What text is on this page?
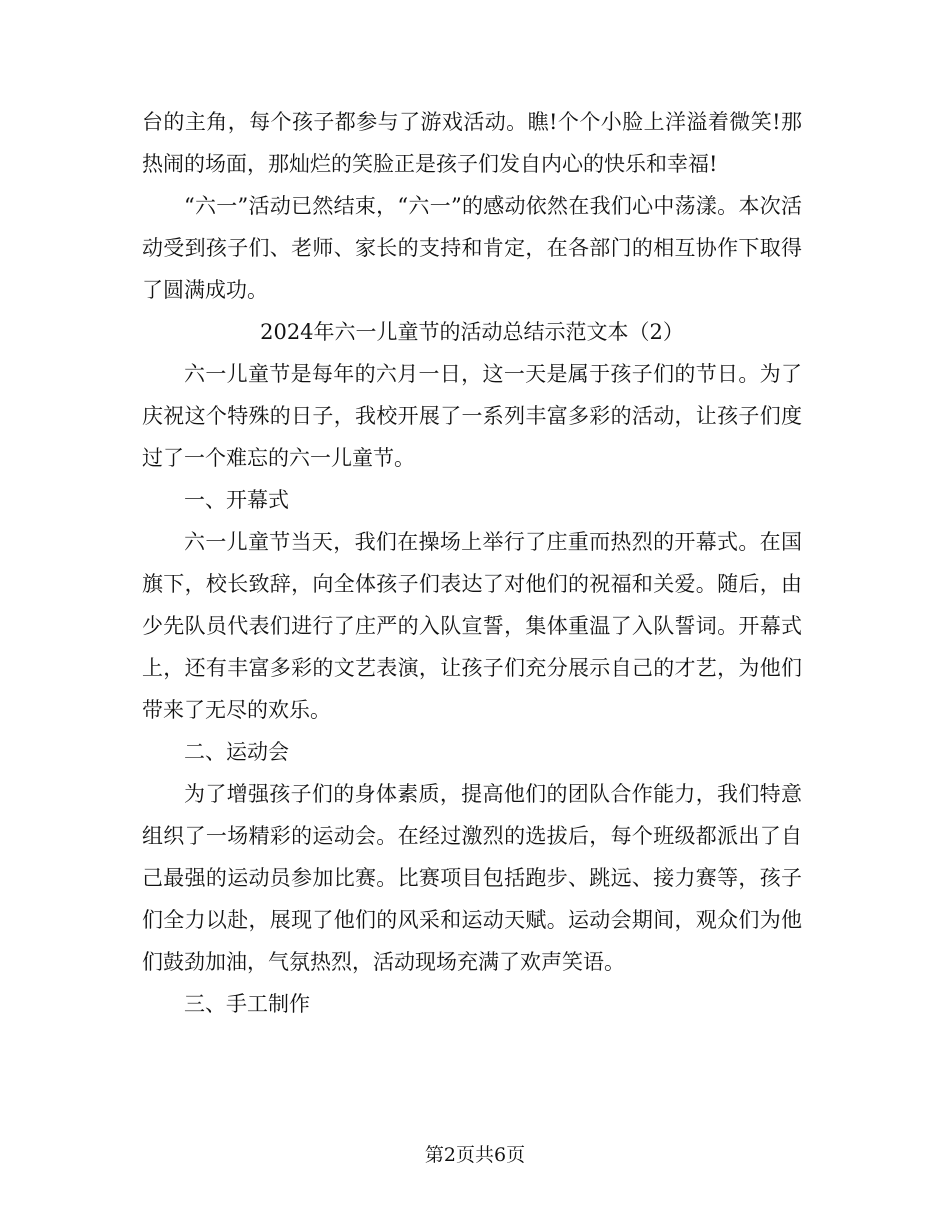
台的主角，每个孩子都参与了游戏活动。瞧!个个小脸上洋溢着微笑!那热闹的场面，那灿烂的笑脸正是孩子们发自内心的快乐和幸福!

“六一”活动已然结束，“六一”的感动依然在我们心中荡漾。本次活动受到孩子们、老师、家长的支持和肯定，在各部门的相互协作下取得了圆满成功。

2024年六一儿童节的活动总结示范文本（2）

六一儿童节是每年的六月一日，这一天是属于孩子们的节日。为了庆祝这个特殊的日子，我校开展了一系列丰富多彩的活动，让孩子们度过了一个难忘的六一儿童节。

一、开幕式

六一儿童节当天，我们在操场上举行了庄重而热烈的开幕式。在国旗下，校长致辞，向全体孩子们表达了对他们的祝福和关爱。随后，由少先队员代表们进行了庄严的入队宣誓，集体重温了入队誓词。开幕式上，还有丰富多彩的文艺表演，让孩子们充分展示自己的才艺，为他们带来了无尽的欢乐。

二、运动会

为了增强孩子们的身体素质，提高他们的团队合作能力，我们特意组织了一场精彩的运动会。在经过激烈的选拔后，每个班级都派出了自己最强的运动员参加比赛。比赛项目包括跑步、跳远、接力赛等，孩子们全力以赴，展现了他们的风采和运动天赋。运动会期间，观众们为他们鼓劲加油，气氛热烈，活动现场充满了欢声笑语。

三、手工制作

第2页共6页
